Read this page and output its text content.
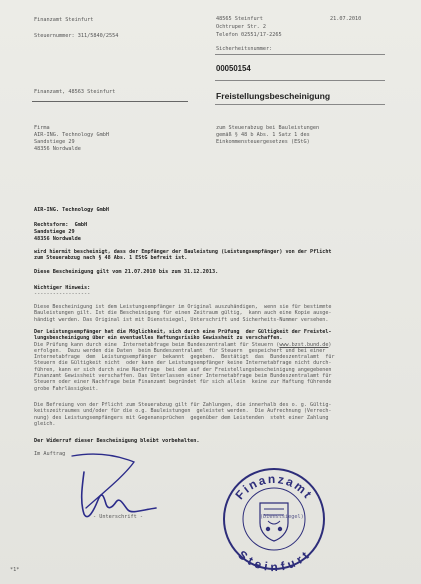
Finanzamt Steinfurt
Steuernummer: 311/5840/2554
Finanzamt, 48563 Steinfurt
48565 Steinfurt	21.07.2010
Ochtruper Str. 2
Telefon 02551/17-2265
Sicherheitsnummer:
00050154
Freistellungsbescheinigung
Firma
AIR-ING. Technology GmbH
Sandstiege 29
48356 Nordwalde
zum Steuerabzug bei Bauleistungen
gemäß § 48 b Abs. 1 Satz 1 des
Einkommensteuergesetzes (EStG)
AIR-ING. Technology GmbH
Rechtsform:  GmbH
Sandstiege 29
48356 Nordwalde
wird hiermit bescheinigt, dass der Empfänger der Bauleistung (Leistungsempfänger) von der Pflicht
zum Steuerabzug nach § 48 Abs. 1 EStG befreit ist.
Diese Bescheinigung gilt vom 21.07.2010 bis zum 31.12.2013.
Wichtiger Hinweis:
------------------
Diese Bescheinigung ist dem Leistungsempfänger im Original auszuhändigen,  wenn sie für bestimmte
Bauleistungen gilt. Ist die Bescheinigung für einen Zeitraum gültig,  kann auch eine Kopie ausge-
händigt werden. Das Original ist mit Dienstsiegel, Unterschrift und Sicherheits-Nummer versehen.
Der Leistungsempfänger hat die Möglichkeit, sich durch eine Prüfung  der Gültigkeit der Freistel-
lungsbescheinigung über ein eventuelles Haftungsrisiko Gewissheit zu verschaffen.
Die Prüfung kann durch eine  Internetabfrage beim Bundeszentralamt für Steuern (www.bzst.bund.de)
erfolgen.  Dazu werden die Daten  beim Bundeszentralamt  für Steuern  gespeichert und bei einer
Internetabfrage  dem  Leistungsempfänger  bekannt  gegeben.  Bestätigt  das  Bundeszentralamt  für
Steuern die Gültigkeit nicht  oder kann der Leistungsempfänger keine Internetabfrage nicht durch-
führen, kann er sich durch eine Nachfrage  bei dem auf der Freistellungsbescheinigung angegebenen
Finanzamt Gewissheit verschaffen. Das Unterlassen einer Internetabfrage beim Bundeszentralamt für
Steuern oder einer Nachfrage beim Finanzamt begründet für sich allein  keine zur Haftung führende
grobe Fahrlässigkeit.
Die Befreiung von der Pflicht zum Steuerabzug gilt für Zahlungen, die innerhalb des o. g. Gültig-
keitszeitraumes und/oder für die o.g. Bauleistungen  geleistet werden.  Die Aufrechnung (Verrech-
nung) des Leistungsempfängers mit Gegenansprüchen  gegenüber dem Leistenden  steht einer Zahlung
gleich.
Der Widerruf dieser Bescheinigung bleibt vorbehalten.
Im Auftrag
- Unterschrift -
Finanzamt
Steinfurt
(Dienstsiegel)
*1*
